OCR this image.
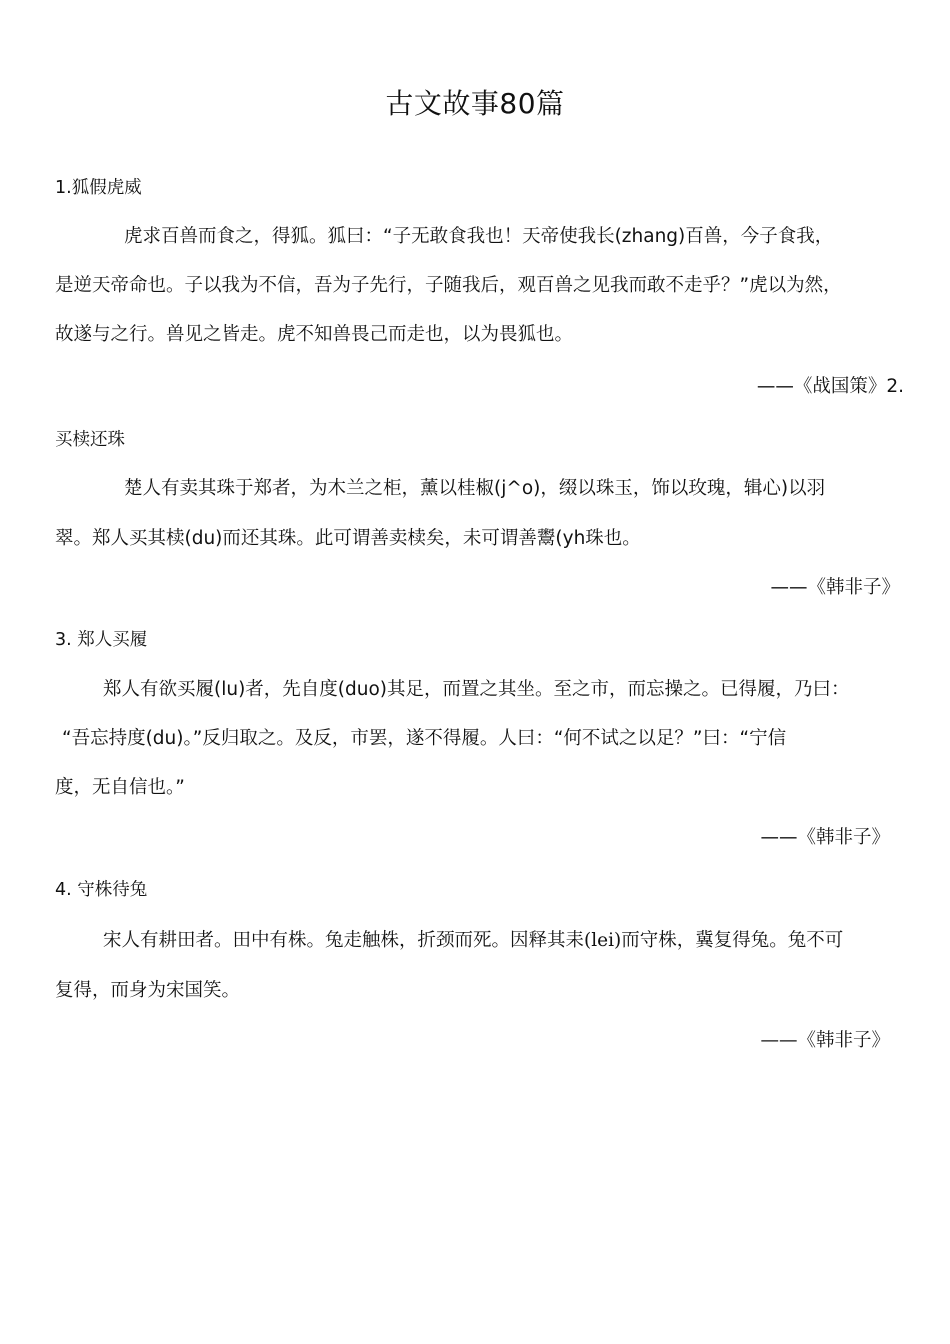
古文故事80篇
1.狐假虎威
虎求百兽而食之，得狐。狐曰：“子无敢食我也！天帝使我长(zhang)百兽，今子食我，
是逆天帝命也。子以我为不信，吾为子先行，子随我后，观百兽之见我而敢不走乎？”虎以为然，
故遂与之行。兽见之皆走。虎不知兽畏己而走也，以为畏狐也。
——《战国策》2.
买椟还珠
楚人有卖其珠于郑者，为木兰之柜，薰以桂椒(j^o)，缀以珠玉，饰以玫瑰，辑心)以羽
翠。郑人买其椟(du)而还其珠。此可谓善卖椟矣，未可谓善鬻(yh珠也。
——《韩非子》
3. 郑人买履
郑人有欲买履(lu)者，先自度(duo)其足，而置之其坐。至之市，而忘操之。已得履，乃曰：
“吾忘持度(du)。”反归取之。及反，市罢，遂不得履。人曰：“何不试之以足？”曰：“宁信
度，无自信也。”
——《韩非子》
4. 守株待兔
宋人有耕田者。田中有株。兔走触株，折颈而死。因释其耒(lei)而守株，冀复得兔。兔不可
复得，而身为宋国笑。
——《韩非子》
